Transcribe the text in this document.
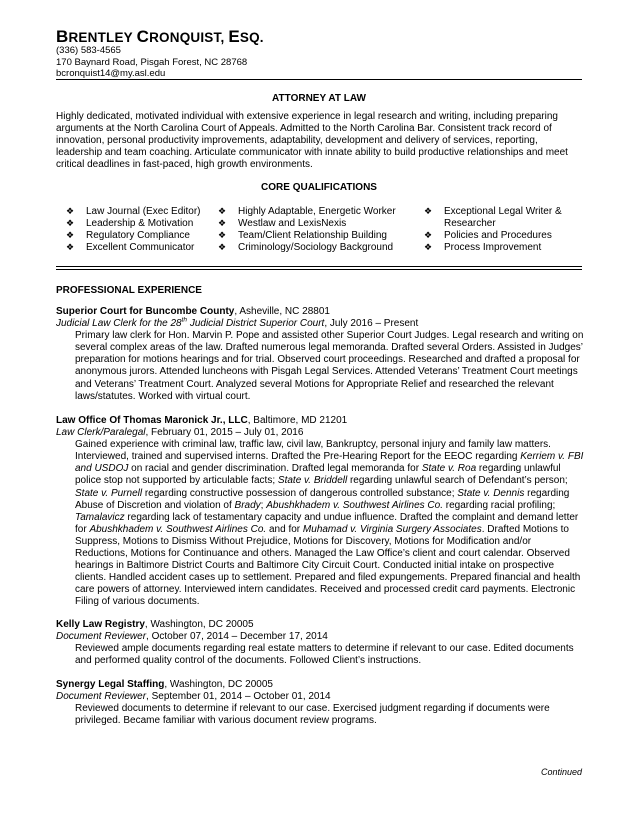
BRENTLEY CRONQUIST, ESQ.
(336) 583-4565
170 Baynard Road, Pisgah Forest, NC 28768
bcronquist14@my.asl.edu
ATTORNEY AT LAW
Highly dedicated, motivated individual with extensive experience in legal research and writing, including preparing arguments at the North Carolina Court of Appeals. Admitted to the North Carolina Bar. Consistent track record of innovation, personal productivity improvements, adaptability, development and delivery of services, reporting, leadership and team coaching. Articulate communicator with innate ability to build productive relationships and meet critical deadlines in fast-paced, high growth environments.
CORE QUALIFICATIONS
❖ Law Journal (Exec Editor)
❖ Leadership & Motivation
❖ Regulatory Compliance
❖ Excellent Communicator
❖ Highly Adaptable, Energetic Worker
❖ Westlaw and LexisNexis
❖ Team/Client Relationship Building
❖ Criminology/Sociology Background
❖ Exceptional Legal Writer & Researcher
❖ Policies and Procedures
❖ Process Improvement
PROFESSIONAL EXPERIENCE
Superior Court for Buncombe County, Asheville, NC 28801
Judicial Law Clerk for the 28th Judicial District Superior Court, July 2016 – Present
Primary law clerk for Hon. Marvin P. Pope and assisted other Superior Court Judges. Legal research and writing on several complex areas of the law. Drafted numerous legal memoranda. Drafted several Orders. Assisted in Judges’ preparation for motions hearings and for trial. Observed court proceedings. Researched and drafted a proposal for anonymous jurors. Attended luncheons with Pisgah Legal Services. Attended Veterans’ Treatment Court meetings and Veterans’ Treatment Court. Analyzed several Motions for Appropriate Relief and researched the relevant laws/statutes. Worked with virtual court.
Law Office Of Thomas Maronick Jr., LLC, Baltimore, MD 21201
Law Clerk/Paralegal, February 01, 2015 – July 01, 2016
Gained experience with criminal law, traffic law, civil law, Bankruptcy, personal injury and family law matters. Interviewed, trained and supervised interns. Drafted the Pre-Hearing Report for the EEOC regarding Kerriem v. FBI and USDOJ on racial and gender discrimination. Drafted legal memoranda for State v. Roa regarding unlawful police stop not supported by articulable facts; State v. Briddell regarding unlawful search of Defendant’s person; State v. Purnell regarding constructive possession of dangerous controlled substance; State v. Dennis regarding Abuse of Discretion and violation of Brady; Abushkhadem v. Southwest Airlines Co. regarding racial profiling; Tamalavicz regarding lack of testamentary capacity and undue influence. Drafted the complaint and demand letter for Abushkhadem v. Southwest Airlines Co. and for Muhamad v. Virginia Surgery Associates. Drafted Motions to Suppress, Motions to Dismiss Without Prejudice, Motions for Discovery, Motions for Modification and/or Reductions, Motions for Continuance and others. Managed the Law Office’s client and court calendar. Observed hearings in Baltimore District Courts and Baltimore City Circuit Court. Conducted initial intake on prospective clients. Handled accident cases up to settlement. Prepared and filed expungements. Prepared financial and health care powers of attorney. Interviewed intern candidates. Received and processed credit card payments. Electronic Filing of various documents.
Kelly Law Registry, Washington, DC 20005
Document Reviewer, October 07, 2014 – December 17, 2014
Reviewed ample documents regarding real estate matters to determine if relevant to our case. Edited documents and performed quality control of the documents. Followed Client’s instructions.
Synergy Legal Staffing, Washington, DC 20005
Document Reviewer, September 01, 2014 – October 01, 2014
Reviewed documents to determine if relevant to our case. Exercised judgment regarding if documents were privileged. Became familiar with various document review programs.
Continued
